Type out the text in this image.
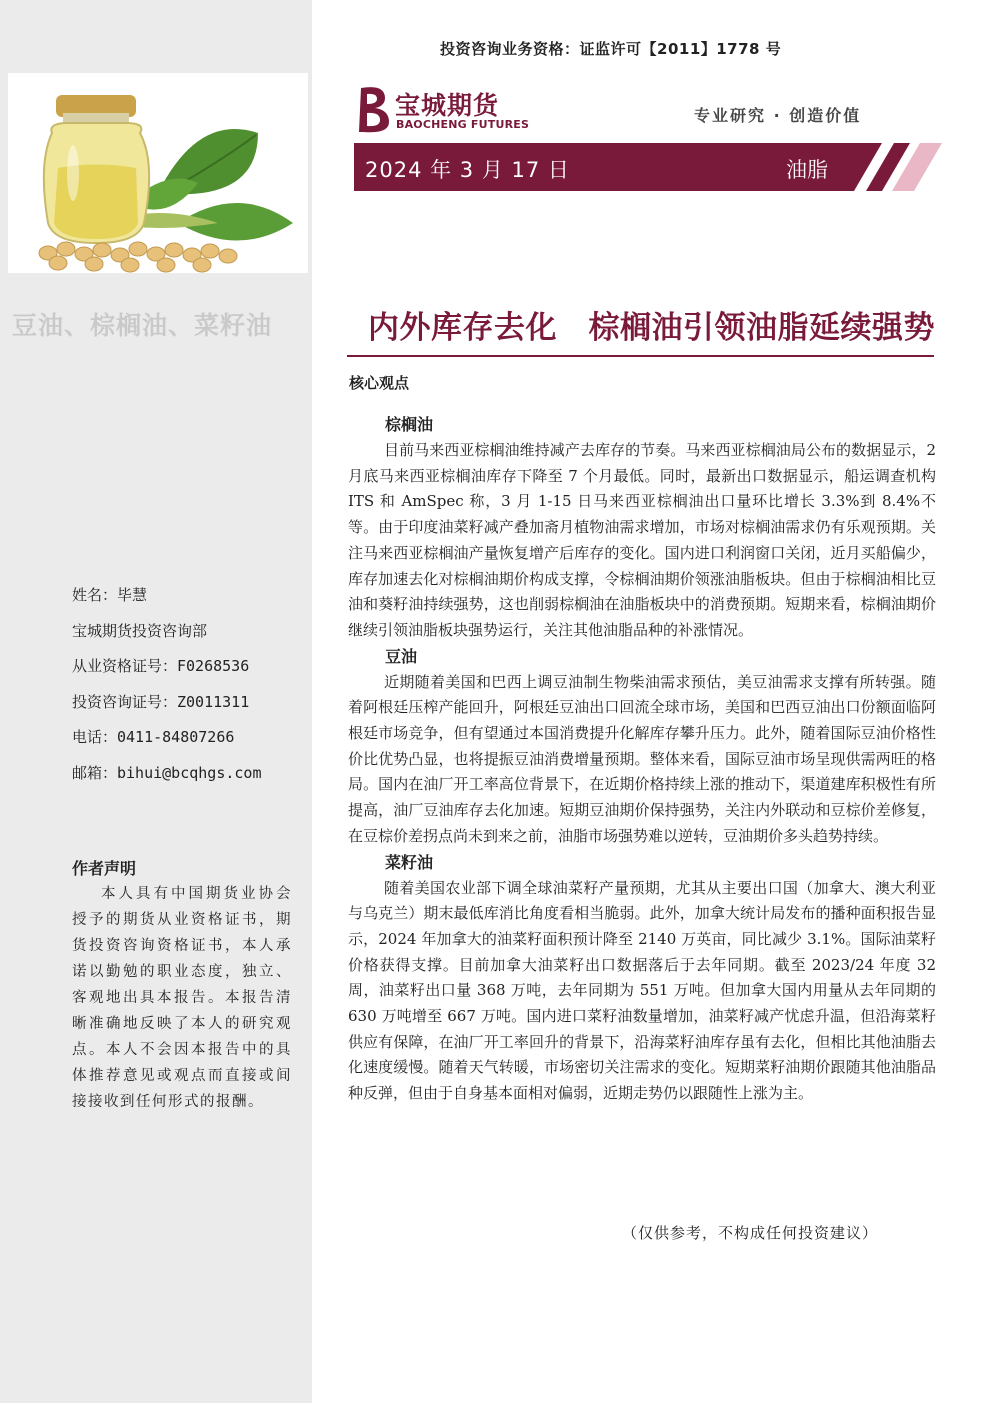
豆油、棕榈油、菜籽油
姓名：毕慧
宝城期货投资咨询部
从业资格证号：F0268536
投资咨询证号：Z0011311
电话：0411-84807266
邮箱：bihui@bcqhgs.com
作者声明
本人具有中国期货业协会授予的期货从业资格证书，期货投资咨询资格证书，本人承诺以勤勉的职业态度，独立、客观地出具本报告。本报告清晰准确地反映了本人的研究观点。本人不会因本报告中的具体推荐意见或观点而直接或间接接收到任何形式的报酬。
投资咨询业务资格：证监许可【2011】1778 号
宝城期货
BAOCHENG FUTURES	专业研究 · 创造价值
2024 年 3 月 17 日	油脂
内外库存去化　棕榈油引领油脂延续强势
核心观点
棕榈油

目前马来西亚棕榈油维持减产去库存的节奏。马来西亚棕榈油局公布的数据显示，2 月底马来西亚棕榈油库存下降至 7 个月最低。同时，最新出口数据显示，船运调查机构 ITS 和 AmSpec 称，3 月 1-15 日马来西亚棕榈油出口量环比增长 3.3%到 8.4%不等。由于印度油菜籽减产叠加斋月植物油需求增加，市场对棕榈油需求仍有乐观预期。关注马来西亚棕榈油产量恢复增产后库存的变化。国内进口利润窗口关闭，近月买船偏少，库存加速去化对棕榈油期价构成支撑，令棕榈油期价领涨油脂板块。但由于棕榈油相比豆油和葵籽油持续强势，这也削弱棕榈油在油脂板块中的消费预期。短期来看，棕榈油期价继续引领油脂板块强势运行，关注其他油脂品种的补涨情况。

豆油

近期随着美国和巴西上调豆油制生物柴油需求预估，美豆油需求支撑有所转强。随着阿根廷压榨产能回升，阿根廷豆油出口回流全球市场，美国和巴西豆油出口份额面临阿根廷市场竞争，但有望通过本国消费提升化解库存攀升压力。此外，随着国际豆油价格性价比优势凸显，也将提振豆油消费增量预期。整体来看，国际豆油市场呈现供需两旺的格局。国内在油厂开工率高位背景下，在近期价格持续上涨的推动下，渠道建库积极性有所提高，油厂豆油库存去化加速。短期豆油期价保持强势，关注内外联动和豆棕价差修复，在豆棕价差拐点尚未到来之前，油脂市场强势难以逆转，豆油期价多头趋势持续。

菜籽油

随着美国农业部下调全球油菜籽产量预期，尤其从主要出口国（加拿大、澳大利亚与乌克兰）期末最低库消比角度看相当脆弱。此外，加拿大统计局发布的播种面积报告显示，2024 年加拿大的油菜籽面积预计降至 2140 万英亩，同比减少 3.1%。国际油菜籽价格获得支撑。目前加拿大油菜籽出口数据落后于去年同期。截至 2023/24 年度 32 周，油菜籽出口量 368 万吨，去年同期为 551 万吨。但加拿大国内用量从去年同期的 630 万吨增至 667 万吨。国内进口菜籽油数量增加，油菜籽减产忧虑升温，但沿海菜籽供应有保障，在油厂开工率回升的背景下，沿海菜籽油库存虽有去化，但相比其他油脂去化速度缓慢。随着天气转暖，市场密切关注需求的变化。短期菜籽油期价跟随其他油脂品种反弹，但由于自身基本面相对偏弱，近期走势仍以跟随性上涨为主。

（仅供参考，不构成任何投资建议）
